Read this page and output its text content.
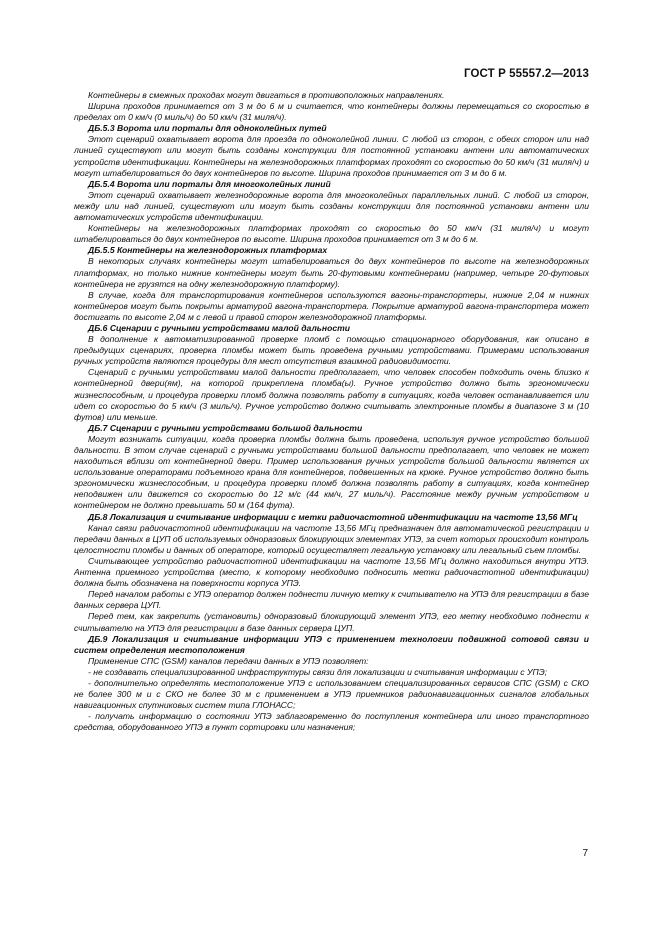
ГОСТ Р 55557.2—2013

Контейнеры в смежных проходах могут двигаться в противоположных направлениях.

Ширина проходов принимается от 3 м до 6 м и считается, что контейнеры должны перемещаться со скоростью в пределах от 0 км/ч (0 миль/ч) до 50 км/ч (31 миля/ч).

ДБ.5.3 Ворота или порталы для одноколейных путей

Этот сценарий охватывает ворота для проезда по одноколейной линии. С любой из сторон, с обеих сторон или над линией существуют или могут быть созданы конструкции для постоянной установки антенн или автоматических устройств идентификации. Контейнеры на железнодорожных платформах проходят со скоростью до 50 км/ч (31 миля/ч) и могут штабелироваться до двух контейнеров по высоте. Ширина проходов принимается от 3 м до 6 м.

ДБ.5.4 Ворота или порталы для многоколейных линий

Этот сценарий охватывает железнодорожные ворота для многоколейных параллельных линий. С любой из сторон, между или над линией, существуют или могут быть созданы конструкции для постоянной установки антенн или автоматических устройств идентификации.

Контейнеры на железнодорожных платформах проходят со скоростью до 50 км/ч (31 миля/ч) и могут штабелироваться до двух контейнеров по высоте. Ширина проходов принимается от 3 м до 6 м.

ДБ.5.5 Контейнеры на железнодорожных платформах

В некоторых случаях контейнеры могут штабелироваться до двух контейнеров по высоте на железнодорожных платформах, но только нижние контейнеры могут быть 20-футовыми контейнерами (например, четыре 20-футовых контейнера не грузятся на одну железнодорожную платформу).

В случае, когда для транспортирования контейнеров используются вагоны-транспортеры, нижние 2,04 м нижних контейнеров могут быть покрыты арматурой вагона-транспортера. Покрытие арматурой вагона-транспортера может достигать по высоте 2,04 м с левой и правой сторон железнодорожной платформы.

ДБ.6 Сценарии с ручными устройствами малой дальности

В дополнение к автоматизированной проверке пломб с помощью стационарного оборудования, как описано в предыдущих сценариях, проверка пломбы может быть проведена ручными устройствами. Примерами использования ручных устройств являются процедуры для мест отсутствия взаимной радиовидимости.

Сценарий с ручными устройствами малой дальности предполагает, что человек способен подходить очень близко к контейнерной двери(ям), на которой прикреплена пломба(ы). Ручное устройство должно быть эргономически жизнеспособным, и процедура проверки пломб должна позволять работу в ситуациях, когда человек останавливается или идет со скоростью до 5 км/ч (3 миль/ч). Ручное устройство должно считывать электронные пломбы в диапазоне 3 м (10 футов) или меньше.

ДБ.7 Сценарии с ручными устройствами большой дальности

Могут возникать ситуации, когда проверка пломбы должна быть проведена, используя ручное устройство большой дальности. В этом случае сценарий с ручными устройствами большой дальности предполагает, что человек не может находиться вблизи от контейнерной двери. Пример использования ручных устройств большой дальности является их использование операторами подъемного крана для контейнеров, подвешенных на крюке. Ручное устройство должно быть эргономически жизнеспособным, и процедура проверки пломб должна позволять работу в ситуациях, когда контейнер неподвижен или движется со скоростью до 12 м/с (44 км/ч, 27 миль/ч). Расстояние между ручным устройством и контейнером не должно превышать 50 м (164 фута).

ДБ.8 Локализация и считывание информации с метки радиочастотной идентификации на частоте 13,56 МГц

Канал связи радиочастотной идентификации на частоте 13,56 МГц предназначен для автоматической регистрации и передачи данных в ЦУП об используемых одноразовых блокирующих элементах УПЭ, за счет которых происходит контроль целостности пломбы и данных об операторе, который осуществляет легальную установку или легальный съем пломбы.

Считывающее устройство радиочастотной идентификации на частоте 13,56 МГц должно находиться внутри УПЭ. Антенна приемного устройства (место, к которому необходимо подносить метки радиочастотной идентификации) должна быть обозначена на поверхности корпуса УПЭ.

Перед началом работы с УПЭ оператор должен поднести личную метку к считывателю на УПЭ для регистрации в базе данных сервера ЦУП.

Перед тем, как закрепить (установить) одноразовый блокирующий элемент УПЭ, его метку необходимо поднести к считывателю на УПЭ для регистрации в базе данных сервера ЦУП.

ДБ.9 Локализация и считывание информации УПЭ с применением технологии подвижной сотовой связи и систем определения местоположения

Применение СПС (GSM) каналов передачи данных в УПЭ позволяет:

- не создавать специализированной инфраструктуры связи для локализации и считывания информации с УПЭ;

- дополнительно определять местоположение УПЭ с использованием специализированных сервисов СПС (GSM) с СКО не более 300 м и с СКО не более 30 м с применением в УПЭ приемников радионавигационных сигналов глобальных навигационных спутниковых систем типа ГЛОНАСС;

- получать информацию о состоянии УПЭ заблаговременно до поступления контейнера или иного транспортного средства, оборудованного УПЭ в пункт сортировки или назначения;

7
